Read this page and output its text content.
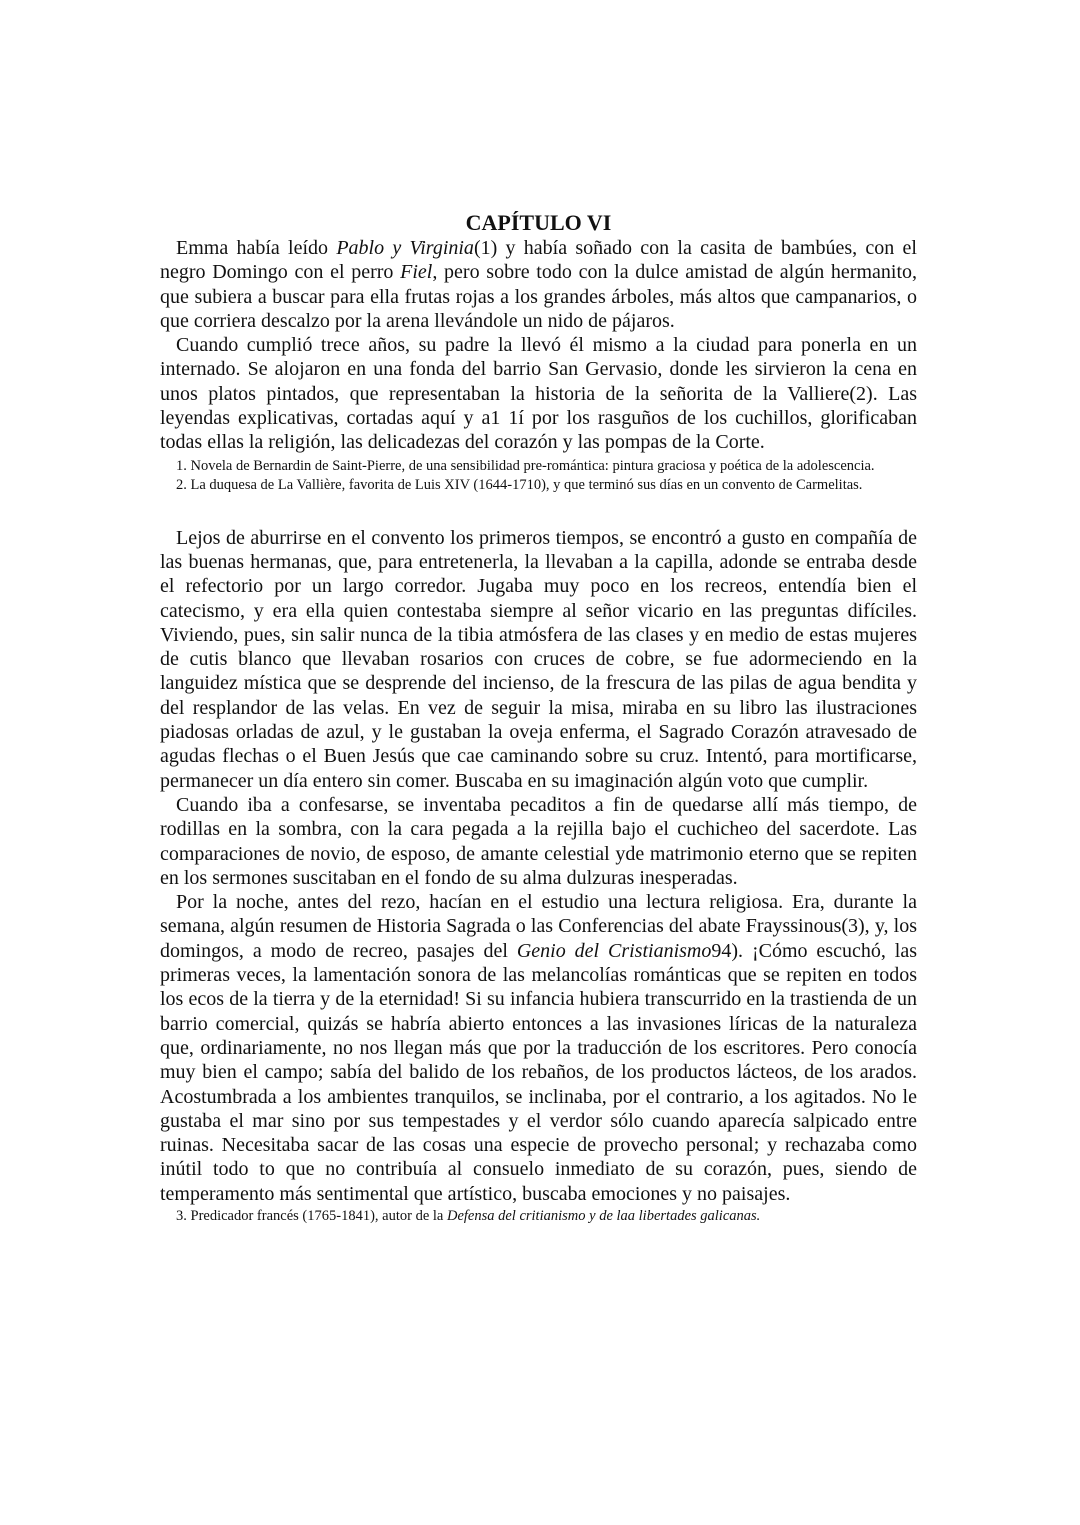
CAPÍTULO VI

Emma había leído Pablo y Virginia(1) y había soñado con la casita de bambúes, con el negro Domingo con el perro Fiel, pero sobre todo con la dulce amistad de algún hermanito, que subiera a buscar para ella frutas rojas a los grandes árboles, más altos que campanarios, o que corriera descalzo por la arena llevándole un nido de pájaros.

Cuando cumplió trece años, su padre la llevó él mismo a la ciudad para ponerla en un internado. Se alojaron en una fonda del barrio San Gervasio, donde les sirvieron la cena en unos platos pintados, que representaban la historia de la señorita de la Valliere(2). Las leyendas explicativas, cortadas aquí y a1 1í por los rasguños de los cuchillos, glorificaban todas ellas la religión, las delicadezas del corazón y las pompas de la Corte.

1. Novela de Bernardin de Saint-Pierre, de una sensibilidad pre-romántica: pintura graciosa y poética de la adolescencia.

2. La duquesa de La Vallière, favorita de Luis XIV (1644-1710), y que terminó sus días en un convento de Carmelitas.

Lejos de aburrirse en el convento los primeros tiempos, se encontró a gusto en compañía de las buenas hermanas, que, para entretenerla, la llevaban a la capilla, adonde se entraba desde el refectorio por un largo corredor. Jugaba muy poco en los recreos, entendía bien el catecismo, y era ella quien contestaba siempre al señor vicario en las preguntas difíciles. Viviendo, pues, sin salir nunca de la tibia atmósfera de las clases y en medio de estas mujeres de cutis blanco que llevaban rosarios con cruces de cobre, se fue adormeciendo en la languidez mística que se desprende del incienso, de la frescura de las pilas de agua bendita y del resplandor de las velas. En vez de seguir la misa, miraba en su libro las ilustraciones piadosas orladas de azul, y le gustaban la oveja enferma, el Sagrado Corazón atravesado de agudas flechas o el Buen Jesús que cae caminando sobre su cruz. Intentó, para mortificarse, permanecer un día entero sin comer. Buscaba en su imaginación algún voto que cumplir.

Cuando iba a confesarse, se inventaba pecaditos a fin de quedarse allí más tiempo, de rodillas en la sombra, con la cara pegada a la rejilla bajo el cuchicheo del sacerdote. Las comparaciones de novio, de esposo, de amante celestial yde matrimonio eterno que se repiten en los sermones suscitaban en el fondo de su alma dulzuras inesperadas.

Por la noche, antes del rezo, hacían en el estudio una lectura religiosa. Era, durante la semana, algún resumen de Historia Sagrada o las Conferencias del abate Frayssinous(3), y, los domingos, a modo de recreo, pasajes del Genio del Cristianismo94). ¡Cómo escuchó, las primeras veces, la lamentación sonora de las melancolías románticas que se repiten en todos los ecos de la tierra y de la eternidad! Si su infancia hubiera transcurrido en la trastienda de un barrio comercial, quizás se habría abierto entonces a las invasiones líricas de la naturaleza que, ordinariamente, no nos llegan más que por la traducción de los escritores. Pero conocía muy bien el campo; sabía del balido de los rebaños, de los productos lácteos, de los arados. Acostumbrada a los ambientes tranquilos, se inclinaba, por el contrario, a los agitados. No le gustaba el mar sino por sus tempestades y el verdor sólo cuando aparecía salpicado entre ruinas. Necesitaba sacar de las cosas una especie de provecho personal; y rechazaba como inútil todo to que no contribuía al consuelo inmediato de su corazón, pues, siendo de temperamento más sentimental que artístico, buscaba emociones y no paisajes.

3. Predicador francés (1765-1841), autor de la Defensa del critianismo y de laa libertades galicanas.
